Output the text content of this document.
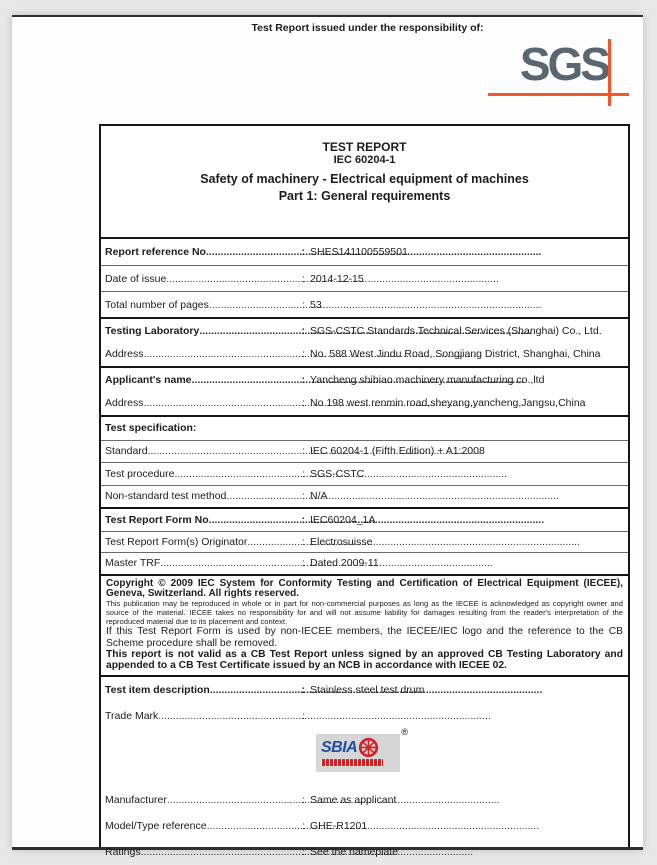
Test Report issued under the responsibility of:
SGS
TEST REPORT
IEC 60204-1
Safety of machinery - Electrical equipment of machines
Part 1: General requirements
Report reference No. .....	: SHES141100559501
Date of issue .....	: 2014-12-15
Total number of pages .....	: 53
Testing Laboratory .....	: SGS-CSTC Standards Technical Services (Shanghai) Co., Ltd.
Address .....	: No. 588 West Jindu Road, Songjiang District, Shanghai, China
Applicant's name .....	: Yancheng shibiao machinery manufacturing co.,ltd
Address .....	: No 198 west renmin road,sheyang,yancheng,Jangsu,China
Test specification:
Standard .....	: IEC 60204-1 (Fifth Edition) + A1:2008
Test procedure .....	: SGS-CSTC
Non-standard test method .....	: N/A
Test Report Form No. .....	: IEC60204_1A
Test Report Form(s) Originator .....	: Electrosuisse
Master TRF .....	: Dated 2009-11

Copyright © 2009 IEC System for Conformity Testing and Certification of Electrical Equipment (IECEE), Geneva, Switzerland. All rights reserved.

This publication may be reproduced in whole or in part for non-commercial purposes as long as the IECEE is acknowledged as copyright owner and source of the material. IECEE takes no responsibility for and will not assume liability for damages resulting from the reader's interpretation of the reproduced material due to its placement and context.

If this Test Report Form is used by non-IECEE members, the IECEE/IEC logo and the reference to the CB Scheme procedure shall be removed.

This report is not valid as a CB Test Report unless signed by an approved CB Testing Laboratory and appended to a CB Test Certificate issued by an NCB in accordance with IECEE 02.

Test item description .....	: Stainless steel test drum
Trade Mark .....	:
SBIA
®
Manufacturer .....	: Same as applicant
Model/Type reference .....	: GHE-R1201
Ratings .....	: See the nameplate
